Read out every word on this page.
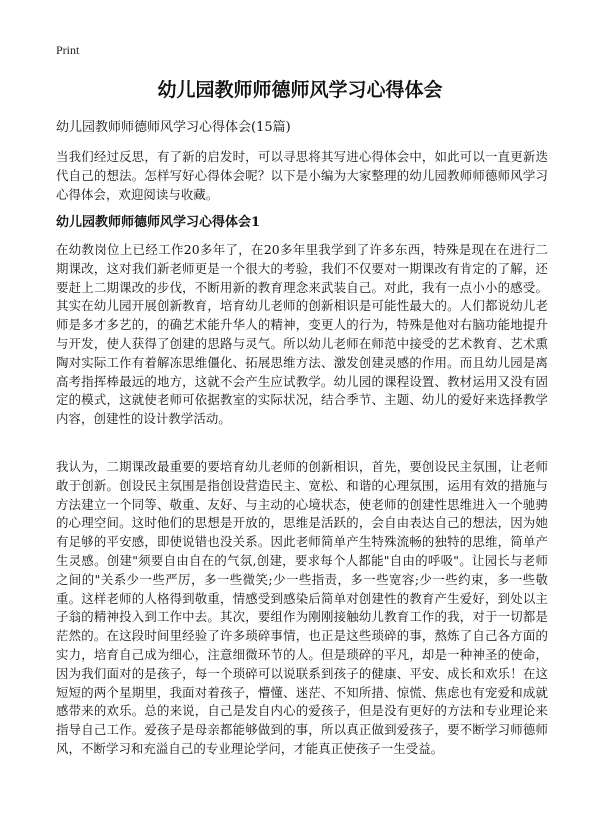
Print
幼儿园教师师德师风学习心得体会

幼儿园教师师德师风学习心得体会(15篇)

当我们经过反思，有了新的启发时，可以寻思将其写进心得体会中，如此可以一直更新迭代自己的想法。怎样写好心得体会呢？以下是小编为大家整理的幼儿园教师师德师风学习心得体会，欢迎阅读与收藏。

幼儿园教师师德师风学习心得体会1

在幼教岗位上已经工作20多年了，在20多年里我学到了许多东西，特殊是现在在进行二期课改，这对我们新老师更是一个很大的考验，我们不仅要对一期课改有肯定的了解，还要赶上二期课改的步伐，不断用新的教育理念来武装自己。对此，我有一点小小的感受。其实在幼儿园开展创新教育，培育幼儿老师的创新相识是可能性最大的。人们都说幼儿老师是多才多艺的，的确艺术能升华人的精神，变更人的行为，特殊是他对右脑功能地提升与开发，使人获得了创建的思路与灵气。所以幼儿老师在师范中接受的艺术教育、艺术熏陶对实际工作有着解冻思维僵化、拓展思维方法、激发创建灵感的作用。而且幼儿园是离高考指挥棒最远的地方，这就不会产生应试教学。幼儿园的课程设置、教材运用又没有固定的模式，这就使老师可依据教室的实际状况，结合季节、主题、幼儿的爱好来选择教学内容，创建性的设计教学活动。

我认为，二期课改最重要的要培育幼儿老师的创新相识，首先，要创设民主氛围，让老师敢于创新。创设民主氛围是指创设营造民主、宽松、和谐的心理氛围，运用有效的措施与方法建立一个同等、敬重、友好、与主动的心境状态，使老师的创建性思维进入一个驰骋的心理空间。这时他们的思想是开放的，思维是活跃的，会自由表达自己的想法，因为她有足够的平安感，即使说错也没关系。因此老师简单产生特殊流畅的独特的思维，简单产生灵感。创建"须要自由自在的气氛,创建，要求每个人都能"自由的呼吸"。让园长与老师之间的"关系少一些严厉，多一些微笑;少一些指责，多一些宽容;少一些约束，多一些敬重。这样老师的人格得到敬重，情感受到感染后简单对创建性的教育产生爱好，到处以主子翁的精神投入到工作中去。其次，要组作为刚刚接触幼儿教育工作的我，对于一切都是茫然的。在这段时间里经验了许多琐碎事情，也正是这些琐碎的事，熬炼了自己各方面的实力，培育自己成为细心，注意细微环节的人。但是琐碎的平凡，却是一种神圣的使命，因为我们面对的是孩子，每一个琐碎可以说联系到孩子的健康、平安、成长和欢乐！在这短短的两个星期里，我面对着孩子，懵懂、迷茫、不知所措、惊慌、焦虑也有宠爱和成就感带来的欢乐。总的来说，自己是发自内心的爱孩子，但是没有更好的方法和专业理论来指导自己工作。爱孩子是母亲都能够做到的事，所以真正做到爱孩子，要不断学习师德师风，不断学习和充溢自己的专业理论学问，才能真正使孩子一生受益。
